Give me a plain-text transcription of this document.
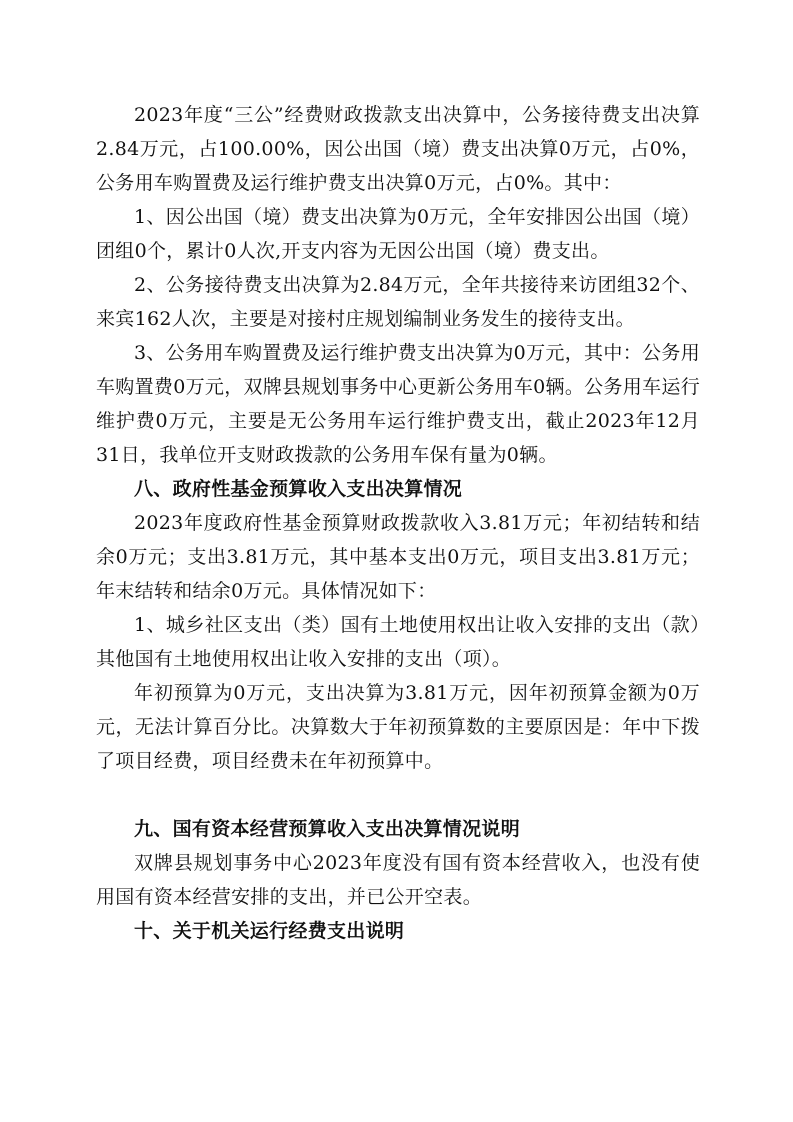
2023年度“三公”经费财政拨款支出决算中，公务接待费支出决算2.84万元，占100.00%，因公出国（境）费支出决算0万元，占0%，公务用车购置费及运行维护费支出决算0万元，占0%。其中：

1、因公出国（境）费支出决算为0万元，全年安排因公出国（境）团组0个，累计0人次,开支内容为无因公出国（境）费支出。

2、公务接待费支出决算为2.84万元，全年共接待来访团组32个、来宾162人次，主要是对接村庄规划编制业务发生的接待支出。

3、公务用车购置费及运行维护费支出决算为0万元，其中：公务用车购置费0万元，双牌县规划事务中心更新公务用车0辆。公务用车运行维护费0万元，主要是无公务用车运行维护费支出，截止2023年12月31日，我单位开支财政拨款的公务用车保有量为0辆。

八、政府性基金预算收入支出决算情况

2023年度政府性基金预算财政拨款收入3.81万元；年初结转和结余0万元；支出3.81万元，其中基本支出0万元，项目支出3.81万元；年末结转和结余0万元。具体情况如下：

1、城乡社区支出（类）国有土地使用权出让收入安排的支出（款）其他国有土地使用权出让收入安排的支出（项）。

年初预算为0万元，支出决算为3.81万元，因年初预算金额为0万元，无法计算百分比。决算数大于年初预算数的主要原因是：年中下拨了项目经费，项目经费未在年初预算中。

九、国有资本经营预算收入支出决算情况说明

双牌县规划事务中心2023年度没有国有资本经营收入，也没有使用国有资本经营安排的支出，并已公开空表。

十、关于机关运行经费支出说明
